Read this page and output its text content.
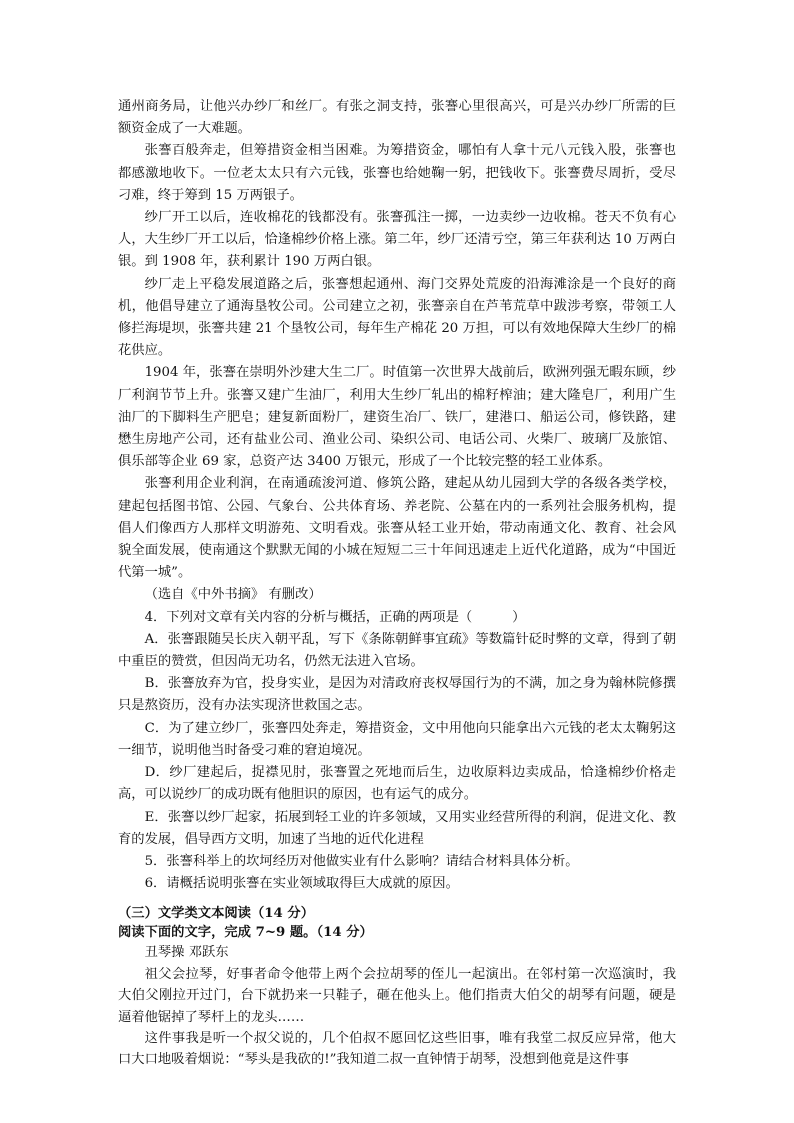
通州商务局，让他兴办纱厂和丝厂。有张之洞支持，张謇心里很高兴，可是兴办纱厂所需的巨额资金成了一大难题。

张謇百般奔走，但筹措资金相当困难。为筹措资金，哪怕有人拿十元八元钱入股，张謇也都感激地收下。一位老太太只有六元钱，张謇也给她鞠一躬，把钱收下。张謇费尽周折，受尽刁难，终于筹到 15 万两银子。

纱厂开工以后，连收棉花的钱都没有。张謇孤注一掷，一边卖纱一边收棉。苍天不负有心人，大生纱厂开工以后，恰逢棉纱价格上涨。第二年，纱厂还清亏空，第三年获利达 10 万两白银。到 1908 年，获利累计 190 万两白银。

纱厂走上平稳发展道路之后，张謇想起通州、海门交界处荒废的沿海滩涂是一个良好的商机，他倡导建立了通海垦牧公司。公司建立之初，张謇亲自在芦苇荒草中跋涉考察，带领工人修拦海堤坝，张謇共建 21 个垦牧公司，每年生产棉花 20 万担，可以有效地保障大生纱厂的棉花供应。

1904 年，张謇在崇明外沙建大生二厂。时值第一次世界大战前后，欧洲列强无暇东顾，纱厂利润节节上升。张謇又建广生油厂，利用大生纱厂轧出的棉籽榨油；建大隆皂厂，利用广生油厂的下脚料生产肥皂；建复新面粉厂，建资生冶厂、铁厂，建港口、船运公司，修铁路，建懋生房地产公司，还有盐业公司、渔业公司、染织公司、电话公司、火柴厂、玻璃厂及旅馆、俱乐部等企业 69 家，总资产达 3400 万银元，形成了一个比较完整的轻工业体系。

张謇利用企业利润，在南通疏浚河道、修筑公路，建起从幼儿园到大学的各级各类学校，建起包括图书馆、公园、气象台、公共体育场、养老院、公墓在内的一系列社会服务机构，提倡人们像西方人那样文明游苑、文明看戏。张謇从轻工业开始，带动南通文化、教育、社会风貌全面发展，使南通这个默默无闻的小城在短短二三十年间迅速走上近代化道路，成为“中国近代第一城”。

（选自《中外书摘》 有删改）

4．下列对文章有关内容的分析与概括，正确的两项是（　　　）

A．张謇跟随吴长庆入朝平乱，写下《条陈朝鲜事宜疏》等数篇针砭时弊的文章，得到了朝中重臣的赞赏，但因尚无功名，仍然无法进入官场。

B．张謇放弃为官，投身实业，是因为对清政府丧权辱国行为的不满，加之身为翰林院修撰只是熬资历，没有办法实现济世救国之志。

C．为了建立纱厂，张謇四处奔走，筹措资金，文中用他向只能拿出六元钱的老太太鞠躬这一细节，说明他当时备受刁难的窘迫境况。

D．纱厂建起后，捉襟见肘，张謇置之死地而后生，边收原料边卖成品，恰逢棉纱价格走高，可以说纱厂的成功既有他胆识的原因，也有运气的成分。

E．张謇以纱厂起家，拓展到轻工业的许多领域，又用实业经营所得的利润，促进文化、教育的发展，倡导西方文明，加速了当地的近代化进程

5．张謇科举上的坎坷经历对他做实业有什么影响？请结合材料具体分析。

6．请概括说明张謇在实业领域取得巨大成就的原因。

（三）文学类文本阅读（14 分）

阅读下面的文字，完成 7~9 题。（14 分）

丑琴操 邓跃东

祖父会拉琴，好事者命令他带上两个会拉胡琴的侄儿一起演出。在邻村第一次巡演时，我大伯父刚拉开过门，台下就扔来一只鞋子，砸在他头上。他们指责大伯父的胡琴有问题，硬是逼着他锯掉了琴杆上的龙头……

这件事我是听一个叔父说的，几个伯叔不愿回忆这些旧事，唯有我堂二叔反应异常，他大口大口地吸着烟说：“琴头是我砍的!”我知道二叔一直钟情于胡琴，没想到他竟是这件事
